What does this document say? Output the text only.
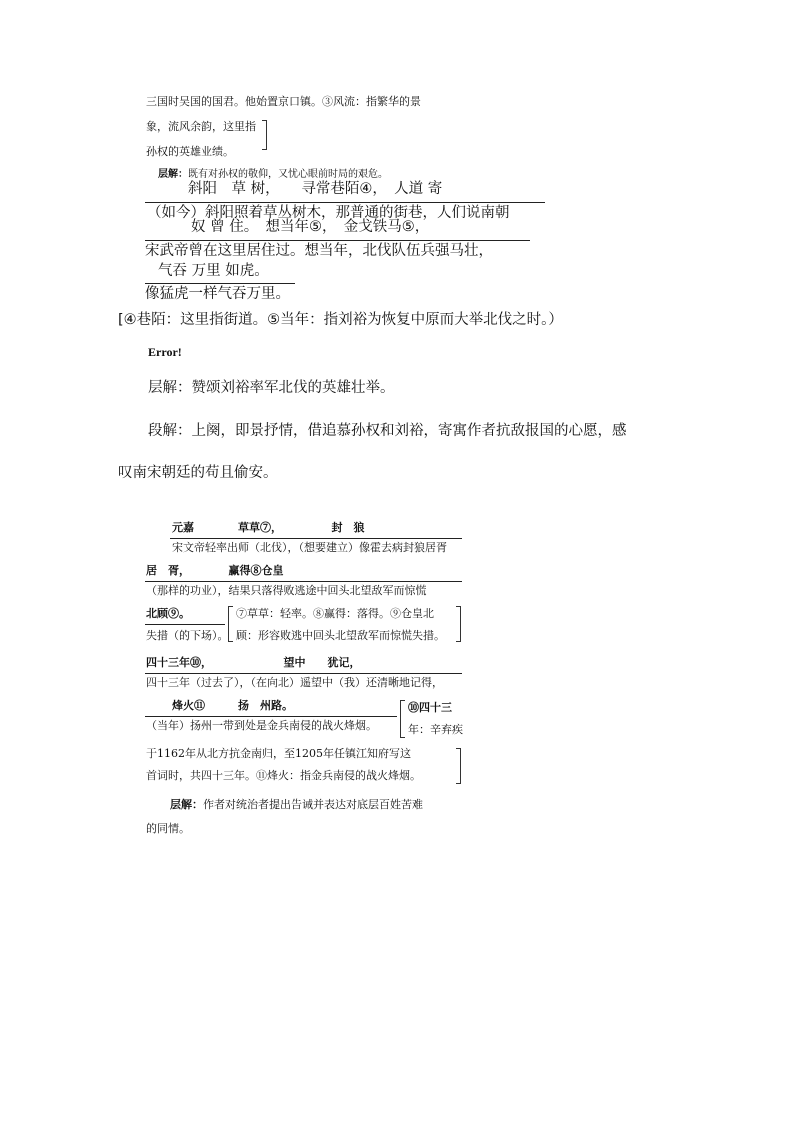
三国时吴国的国君。他始置京口镇。③风流：指繁华的景
象，流风余韵，这里指
孙权的英雄业绩。
层解：既有对孙权的敬仰，又忧心眼前时局的艰危。
斜阳　草 树，　　寻常巷陌④，　人道 寄
（如今）斜阳照着草丛树木，那普通的街巷，人们说南朝
奴 曾 住。　想当年⑤，　金戈铁马⑤，
宋武帝曾在这里居住过。想当年，北伐队伍兵强马壮，
气吞 万里 如虎。
像猛虎一样气吞万里。
[④巷陌：这里指街道。⑤当年：指刘裕为恢复中原而大举北伐之时。）
Error!
层解：赞颂刘裕率军北伐的英雄壮举。
段解：上阕，即景抒情，借追慕孙权和刘裕，寄寓作者抗敌报国的心愿，感
叹南宋朝廷的苟且偷安。
元嘉　　　　草草⑦，　　　　　封　狼
宋文帝轻率出师（北伐），（想要建立）像霍去病封狼居胥
居　胥，　　　　赢得⑧仓皇
（那样的功业），结果只落得败逃途中回头北望敌军而惊慌
北顾⑨。	⑦草草：轻率。⑧赢得：落得。⑨仓皇北
失措（的下场）。 顾：形容败逃中回头北望敌军而惊慌失措。
四十三年⑩，　　　　　　　望中　　犹记，
四十三年（过去了），（在向北）遥望中（我）还清晰地记得，
烽火⑪　　　扬　州路。
（当年）扬州一带到处是金兵南侵的战火烽烟。
⑩四十三
年：辛弃疾
于1162年从北方抗金南归，至1205年任镇江知府写这
首词时，共四十三年。⑪烽火：指金兵南侵的战火烽烟。
层解：作者对统治者提出告诫并表达对底层百姓苦难
的同情。
